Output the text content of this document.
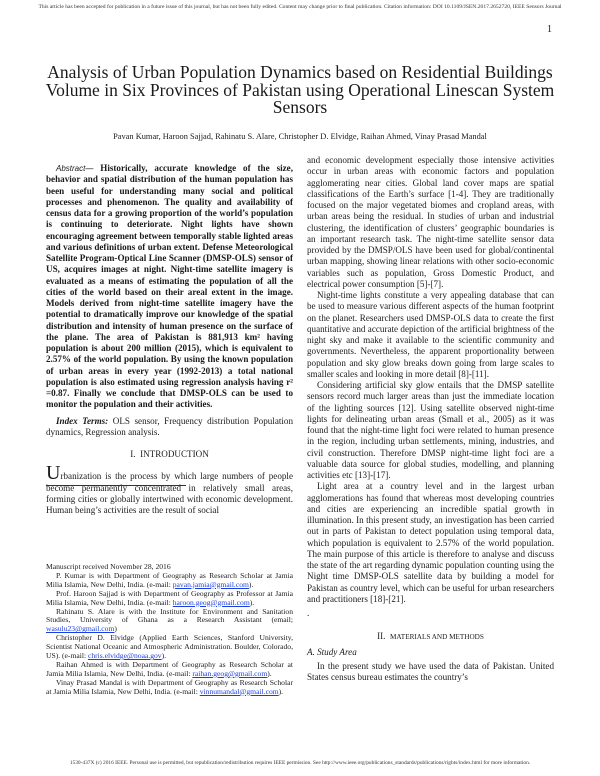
This article has been accepted for publication in a future issue of this journal, but has not been fully edited. Content may change prior to final publication. Citation information: DOI 10.1109/JSEN.2017.2652720, IEEE Sensors Journal
1
Analysis of Urban Population Dynamics based on Residential Buildings Volume in Six Provinces of Pakistan using Operational Linescan System Sensors
Pavan Kumar, Haroon Sajjad, Rahinatu S. Alare, Christopher D. Elvidge, Raihan Ahmed, Vinay Prasad Mandal

Abstract— Historically, accurate knowledge of the size, behavior and spatial distribution of the human population has been useful for understanding many social and political processes and phenomenon. The quality and availability of census data for a growing proportion of the world’s population is continuing to deteriorate. Night lights have shown encouraging agreement between temporally stable lighted areas and various definitions of urban extent. Defense Meteorological Satellite Program-Optical Line Scanner (DMSP-OLS) sensor of US, acquires images at night. Night-time satellite imagery is evaluated as a means of estimating the population of all the cities of the world based on their areal extent in the image. Models derived from night-time satellite imagery have the potential to dramatically improve our knowledge of the spatial distribution and intensity of human presence on the surface of the plane. The area of Pakistan is 881,913 km² having population is about 200 million (2015), which is equivalent to 2.57% of the world population. By using the known population of urban areas in every year (1992-2013) a total national population is also estimated using regression analysis having r² =0.87. Finally we conclude that DMSP-OLS can be used to monitor the population and their activities.

Index Terms: OLS sensor, Frequency distribution Population dynamics, Regression analysis.

I. INTRODUCTION

Urbanization is the process by which large numbers of people become permanently concentrated in relatively small areas, forming cities or globally intertwined with economic development. Human being’s activities are the result of social

Manuscript received November 28, 2016

P. Kumar is with Department of Geography as Research Scholar at Jamia Milia Islamia, New Delhi, India. (e-mail: pavan.jamia@gmail.com).

Prof. Haroon Sajjad is with Department of Geography as Professor at Jamia Milia Islamia, New Delhi, India. (e-mail: haroon.geog@gmail.com).

Rahinatu S. Alare is with the Institute for Environment and Sanitation Studies, University of Ghana as a Research Assistant (email; wasulu23@gmail.com)

Christopher D. Elvidge (Applied Earth Sciences, Stanford University, Scientist National Oceanic and Atmospheric Administration. Boulder, Colorado, US). (e-mail: chris.elvidge@noaa.gov).

Raihan Ahmed is with Department of Geography as Research Scholar at Jamia Milia Islamia, New Delhi, India. (e-mail: raihan.geog@gmail.com).

Vinay Prasad Mandal is with Department of Geography as Research Scholar at Jamia Milia Islamia, New Delhi, India. (e-mail: vinnumandal@gmail.com).

and economic development especially those intensive activities occur in urban areas with economic factors and population agglomerating near cities. Global land cover maps are spatial classifications of the Earth’s surface [1-4]. They are traditionally focused on the major vegetated biomes and cropland areas, with urban areas being the residual. In studies of urban and industrial clustering, the identification of clusters’ geographic boundaries is an important research task. The night-time satellite sensor data provided by the DMSP/OLS have been used for global/continental urban mapping, showing linear relations with other socio-economic variables such as population, Gross Domestic Product, and electrical power consumption [5]-[7].

Night-time lights constitute a very appealing database that can be used to measure various different aspects of the human footprint on the planet. Researchers used DMSP-OLS data to create the first quantitative and accurate depiction of the artificial brightness of the night sky and make it available to the scientific community and governments. Nevertheless, the apparent proportionality between population and sky glow breaks down going from large scales to smaller scales and looking in more detail [8]-[11].

Considering artificial sky glow entails that the DMSP satellite sensors record much larger areas than just the immediate location of the lighting sources [12]. Using satellite observed night-time lights for delineating urban areas (Small et al., 2005) as it was found that the night-time light foci were related to human presence in the region, including urban settlements, mining, industries, and civil construction. Therefore DMSP night-time light foci are a valuable data source for global studies, modelling, and planning activities etc [13]-[17].

Light area at a country level and in the largest urban agglomerations has found that whereas most developing countries and cities are experiencing an incredible spatial growth in illumination. In this present study, an investigation has been carried out in parts of Pakistan to detect population using temporal data, which population is equivalent to 2.57% of the world population. The main purpose of this article is therefore to analyse and discuss the state of the art regarding dynamic population counting using the Night time DMSP-OLS satellite data by building a model for Pakistan as country level, which can be useful for urban researchers and practitioners [18]-[21].

.

II. MATERIALS AND METHODS

A. Study Area

In the present study we have used the data of Pakistan. United States census bureau estimates the country’s

1530-437X (c) 2016 IEEE. Personal use is permitted, but republication/redistribution requires IEEE permission. See http://www.ieee.org/publications_standards/publications/rights/index.html for more information.
